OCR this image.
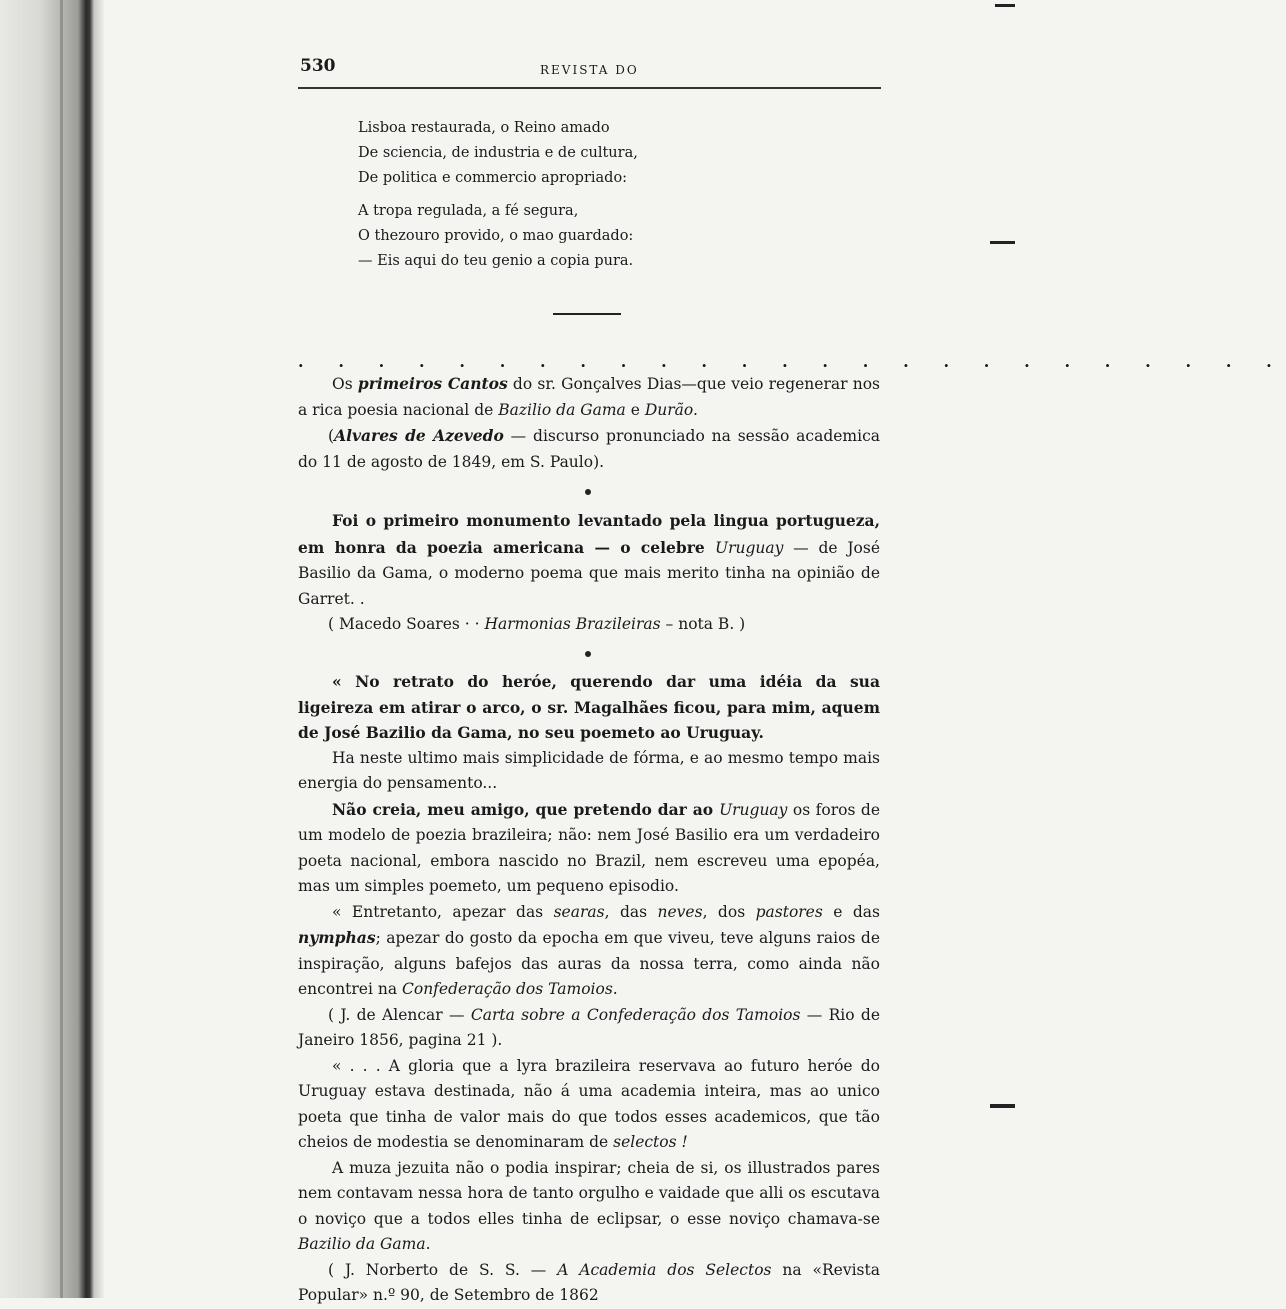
530	REVISTA DO
Lisboa restaurada, o Reino amado
De sciencia, de industria e de cultura,
De politica e commercio apropriado:
A tropa regulada, a fé segura,
O thezouro provido, o mao guardado:
— Eis aqui do teu genio a copia pura.
. . . . . . . . . . . . . . . . . . . . . . . . .

Os primeiros Cantos do sr. Gonçalves Dias—que veio regenerar nos a rica poesia nacional de Bazilio da Gama e Durão.

(Alvares de Azevedo — discurso pronunciado na sessão academica do 11 de agosto de 1849, em S. Paulo).

Foi o primeiro monumento levantado pela lingua portugueza, em honra da poezia americana — o celebre Uruguay — de José Basilio da Gama, o moderno poema que mais merito tinha na opinião de Garret. .

( Macedo Soares · · Harmonias Brazileiras – nota B. )

« No retrato do heróe, querendo dar uma idéia da sua ligeireza em atirar o arco, o sr. Magalhães ficou, para mim, aquem de José Bazilio da Gama, no seu poemeto ao Uruguay.

Ha neste ultimo mais simplicidade de fórma, e ao mesmo tempo mais energia do pensamento...

Não creia, meu amigo, que pretendo dar ao Uruguay os foros de um modelo de poezia brazileira; não: nem José Basilio era um verdadeiro poeta nacional, embora nascido no Brazil, nem escreveu uma epopéa, mas um simples poemeto, um pequeno episodio.

« Entretanto, apezar das searas, das neves, dos pastores e das nymphas; apezar do gosto da epocha em que viveu, teve alguns raios de inspiração, alguns bafejos das auras da nossa terra, como ainda não encontrei na Confederação dos Tamoios.

( J. de Alencar — Carta sobre a Confederação dos Tamoios — Rio de Janeiro 1856, pagina 21 ).

« . . . A gloria que a lyra brazileira reservava ao futuro heróe do Uruguay estava destinada, não á uma academia inteira, mas ao unico poeta que tinha de valor mais do que todos esses academicos, que tão cheios de modestia se denominaram de selectos !

A muza jezuita não o podia inspirar; cheia de si, os illustrados pares nem contavam nessa hora de tanto orgulho e vaidade que alli os escutava o noviço que a todos elles tinha de eclipsar, o esse noviço chamava-se Bazilio da Gama.

( J. Norberto de S. S. — A Academia dos Selectos na «Revista Popular» n.º 90, de Setembro de 1862
